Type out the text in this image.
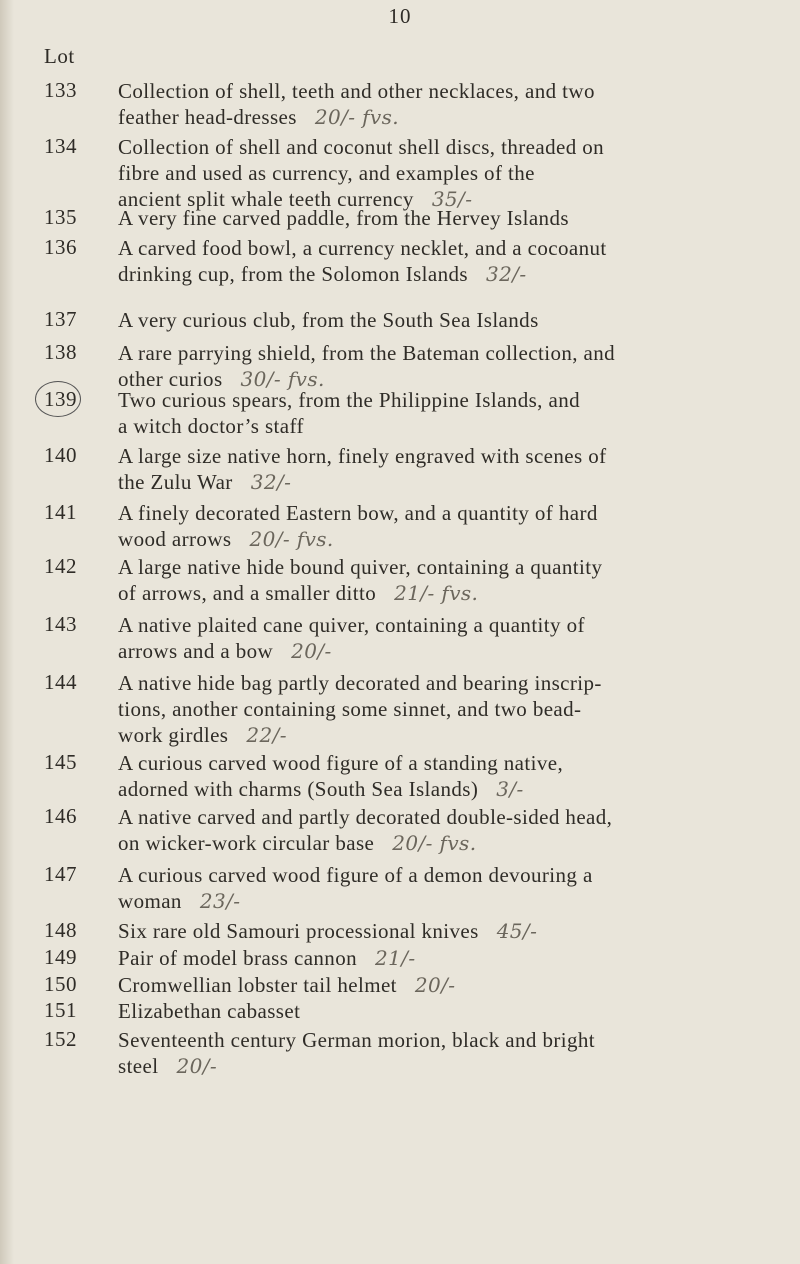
10
Lot
133 Collection of shell, teeth and other necklaces, and two
feather head-dresses 20/- fvs.
134 Collection of shell and coconut shell discs, threaded on
fibre and used as currency, and examples of the
ancient split whale teeth currency 35/-
135 A very fine carved paddle, from the Hervey Islands
136 A carved food bowl, a currency necklet, and a cocoanut
drinking cup, from the Solomon Islands 32/-
137 A very curious club, from the South Sea Islands
138 A rare parrying shield, from the Bateman collection, and
other curios 30/- fvs.
139 Two curious spears, from the Philippine Islands, and
a witch doctor’s staff
140 A large size native horn, finely engraved with scenes of
the Zulu War 32/-
141 A finely decorated Eastern bow, and a quantity of hard
wood arrows 20/- fvs.
142 A large native hide bound quiver, containing a quantity
of arrows, and a smaller ditto 21/- fvs.
143 A native plaited cane quiver, containing a quantity of
arrows and a bow 20/-
144 A native hide bag partly decorated and bearing inscrip-
tions, another containing some sinnet, and two bead-
work girdles 22/-
145 A curious carved wood figure of a standing native,
adorned with charms (South Sea Islands) 3/-
146 A native carved and partly decorated double-sided head,
on wicker-work circular base 20/- fvs.
147 A curious carved wood figure of a demon devouring a
woman 23/-
148 Six rare old Samouri processional knives 45/-
149 Pair of model brass cannon 21/-
150 Cromwellian lobster tail helmet 20/-
151 Elizabethan cabasset
152 Seventeenth century German morion, black and bright
steel 20/-
